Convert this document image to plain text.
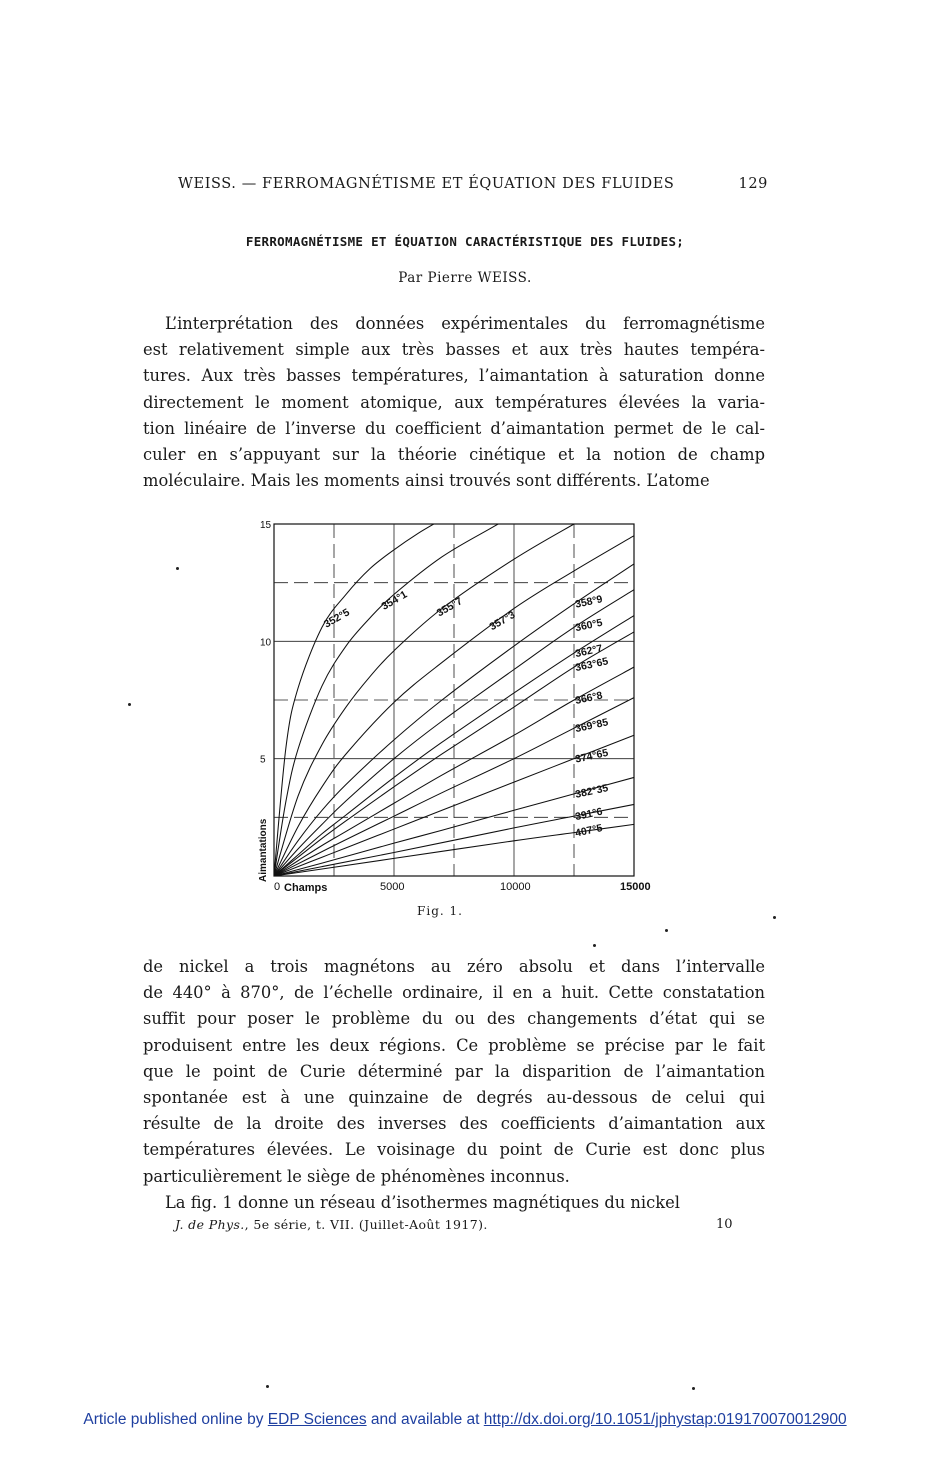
WEISS. — FERROMAGNÉTISME ET ÉQUATION DES FLUIDES	129
FERROMAGNÉTISME ET ÉQUATION CARACTÉRISTIQUE DES FLUIDES;
Par Pierre WEISS.
L’interprétation des données expérimentales du ferromagnétisme
est relativement simple aux très basses et aux très hautes tempéra-
tures. Aux très basses températures, l’aimantation à saturation donne
directement le moment atomique, aux températures élevées la varia-
tion linéaire de l’inverse du coefficient d’aimantation permet de le cal-
culer en s’appuyant sur la théorie cinétique et la notion de champ
moléculaire. Mais les moments ainsi trouvés sont différents. L’atome
352°5
354°1 355°7
357°3
358°9
360°5
362°7
363°65
366°8
369°85
374°65
382°35
391°6
407°5
0	5000	10000	15000
5
10
15
Champs
Aimantations
Fig. 1.
de nickel a trois magnétons au zéro absolu et dans l’intervalle
de 440° à 870°, de l’échelle ordinaire, il en a huit. Cette constatation
suffit pour poser le problème du ou des changements d’état qui se
produisent entre les deux régions. Ce problème se précise par le fait
que le point de Curie déterminé par la disparition de l’aimantation
spontanée est à une quinzaine de degrés au-dessous de celui qui
résulte de la droite des inverses des coefficients d’aimantation aux
températures élevées. Le voisinage du point de Curie est donc plus
particulièrement le siège de phénomènes inconnus.
La fig. 1 donne un réseau d’isothermes magnétiques du nickel
J. de Phys., 5e série, t. VII. (Juillet-Août 1917).	10
Article published online by EDP Sciences and available at http://dx.doi.org/10.1051/jphystap:019170070012900
